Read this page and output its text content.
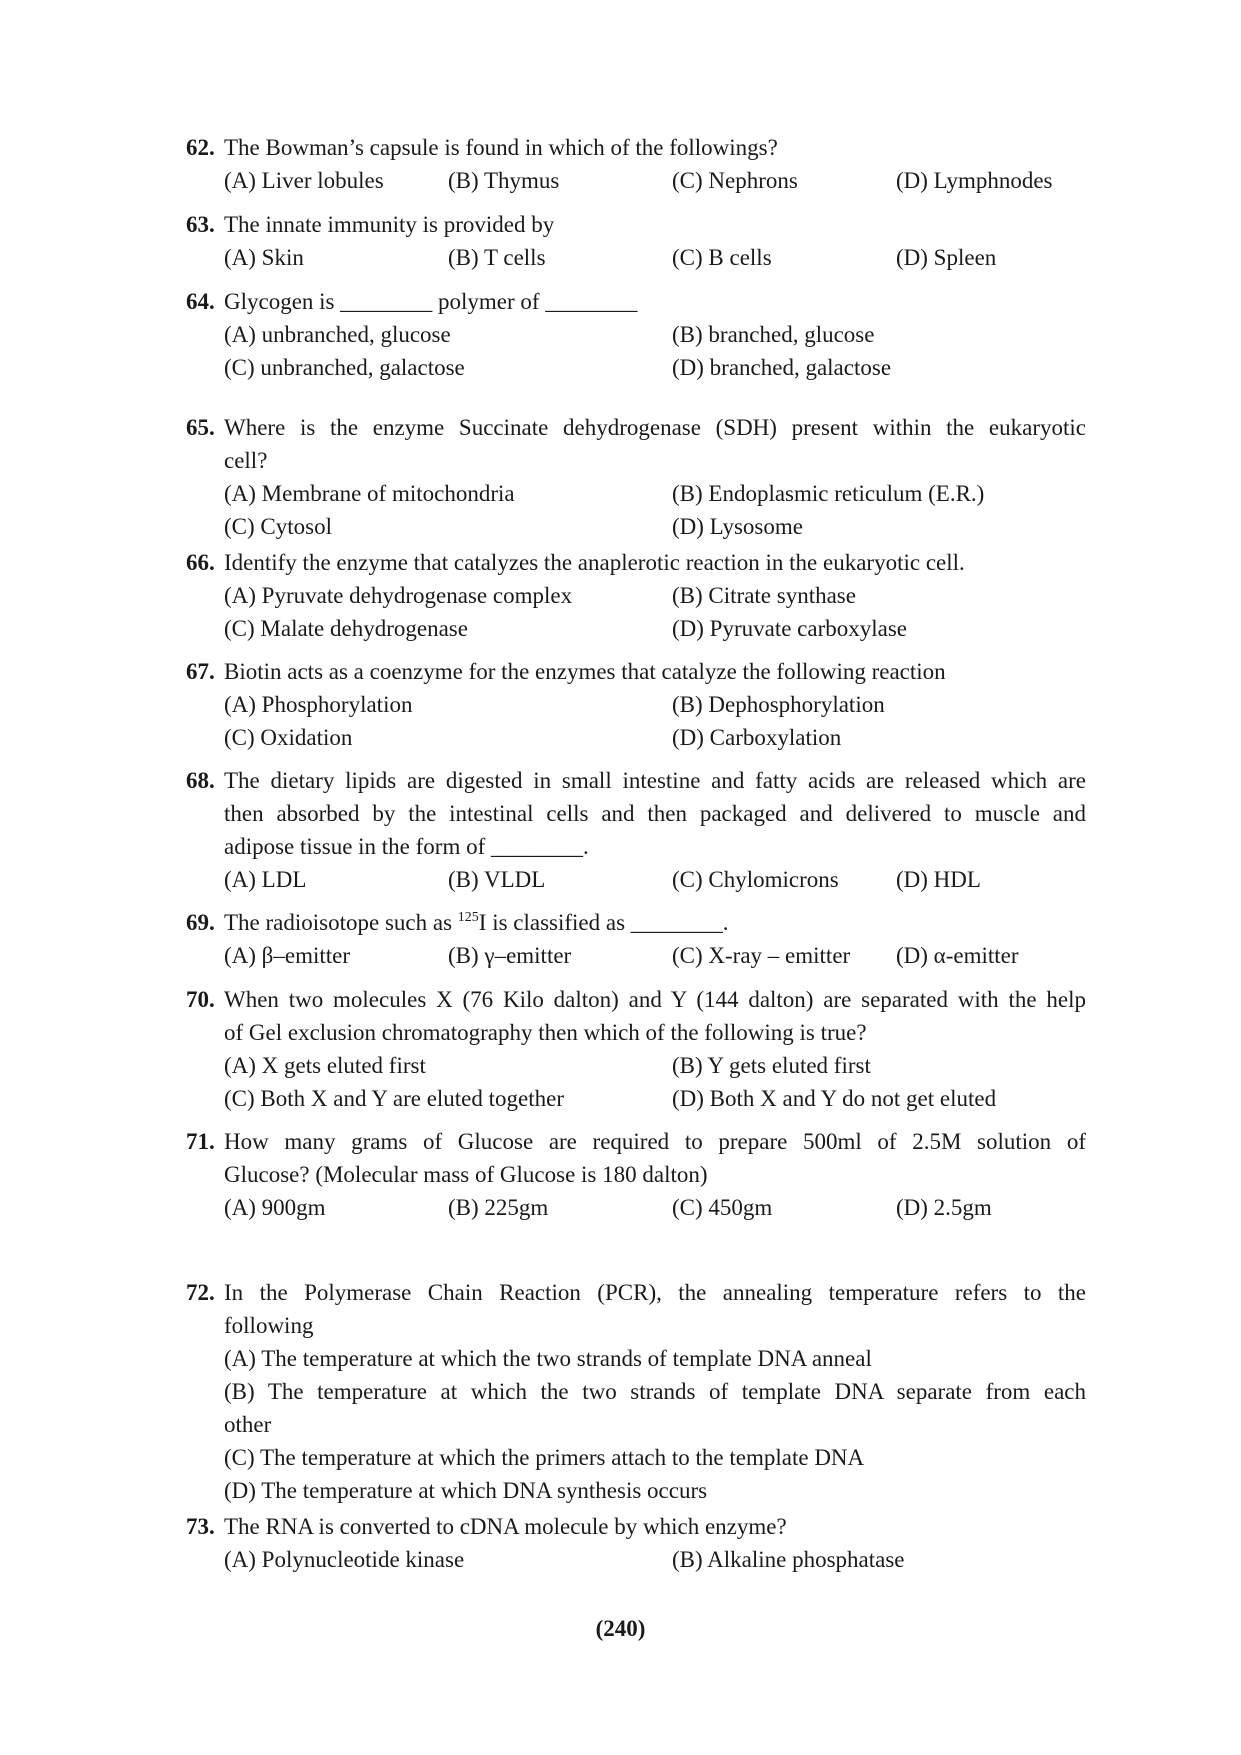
62. The Bowman’s capsule is found in which of the followings?
(A) Liver lobules	(B) Thymus	(C) Nephrons	(D) Lymphnodes
63. The innate immunity is provided by
(A) Skin	(B) T cells	(C) B cells	(D) Spleen
64. Glycogen is ________ polymer of ________
(A) unbranched, glucose	(B) branched, glucose
(C) unbranched, galactose	(D) branched, galactose
65. Where is the enzyme Succinate dehydrogenase (SDH) present within the eukaryotic
cell?
(A) Membrane of mitochondria	(B) Endoplasmic reticulum (E.R.)
(C) Cytosol	(D) Lysosome
66. Identify the enzyme that catalyzes the anaplerotic reaction in the eukaryotic cell.
(A) Pyruvate dehydrogenase complex	(B) Citrate synthase
(C) Malate dehydrogenase	(D) Pyruvate carboxylase
67. Biotin acts as a coenzyme for the enzymes that catalyze the following reaction
(A) Phosphorylation	(B) Dephosphorylation
(C) Oxidation	(D) Carboxylation
68. The dietary lipids are digested in small intestine and fatty acids are released which are
then absorbed by the intestinal cells and then packaged and delivered to muscle and
adipose tissue in the form of ________.
(A) LDL	(B) VLDL	(C) Chylomicrons	(D) HDL
69. The radioisotope such as $^{125}$I is classified as ________.
(A) β–emitter	(B) γ–emitter	(C) X-ray – emitter	(D) α-emitter
70. When two molecules X (76 Kilo dalton) and Y (144 dalton) are separated with the help
of Gel exclusion chromatography then which of the following is true?
(A) X gets eluted first	(B) Y gets eluted first
(C) Both X and Y are eluted together	(D) Both X and Y do not get eluted
71. How many grams of Glucose are required to prepare 500ml of 2.5M solution of
Glucose? (Molecular mass of Glucose is 180 dalton)
(A) 900gm	(B) 225gm	(C) 450gm	(D) 2.5gm
72. In the Polymerase Chain Reaction (PCR), the annealing temperature refers to the
following
(A) The temperature at which the two strands of template DNA anneal
(B) The temperature at which the two strands of template DNA separate from each
other
(C) The temperature at which the primers attach to the template DNA
(D) The temperature at which DNA synthesis occurs
73. The RNA is converted to cDNA molecule by which enzyme?
(A) Polynucleotide kinase	(B) Alkaline phosphatase
(240)
